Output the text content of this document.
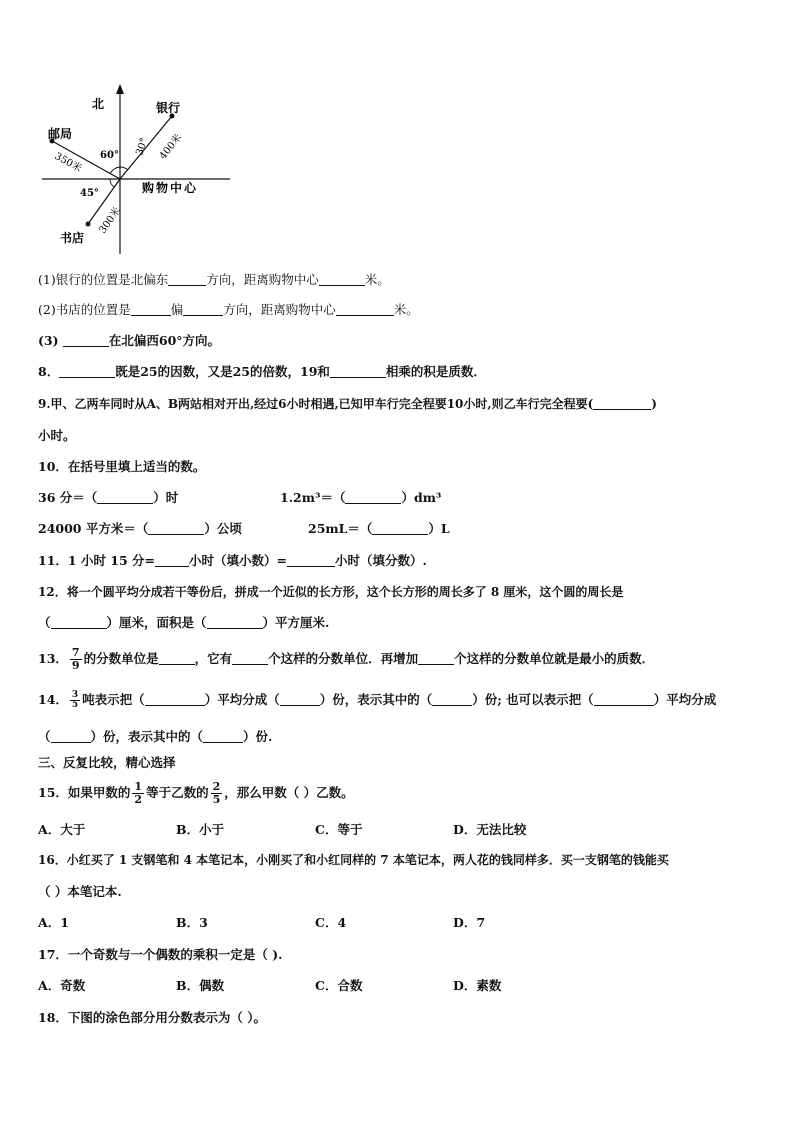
北	银行
邮局
书店
购物中心
30°
60°
45°
400米
350米
300米
(1)银行的位置是北偏东	方向，距离购物中心	米。
(2)书店的位置是	偏	方向，距离购物中心	米。
(3)	在北偏西60°方向。
8．	既是25的因数，又是25的倍数，19和	相乘的积是质数．
9.甲、乙两车同时从A、B两站相对开出,经过6小时相遇,已知甲车行完全程要10小时,则乙车行完全程要(	)
小时。
10．在括号里填上适当的数。
36 分＝（	）时	1.2m³＝（	）dm³
24000 平方米＝（	）公顷	25mL＝（	）L
11．1 小时 15 分=	小时（填小数）=	小时（填分数）.
12．将一个圆平均分成若干等份后，拼成一个近似的长方形，这个长方形的周长多了 8 厘米，这个圆的周长是
（	）厘米，面积是（	）平方厘米.
13． $\frac{7}{9}$ 的分数单位是	，它有	个这样的分数单位．再增加	个这样的分数单位就是最小的质数．
14． $\frac{3}{5}$ 吨表示把（	）平均分成（	）份，表示其中的（	）份; 也可以表示把（	）平均分成
（	）份，表示其中的（	）份.
三、反复比较，精心选择
15．如果甲数的 $\frac{1}{2}$ 等于乙数的 $\frac{2}{5}$ ，那么甲数（ ）乙数。
A．大于	B．小于	C．等于	D．无法比较
16．小红买了 1 支钢笔和 4 本笔记本，小刚买了和小红同样的 7 本笔记本，两人花的钱同样多．买一支钢笔的钱能买
（ ）本笔记本.
A．1	B．3	C．4	D．7
17．一个奇数与一个偶数的乘积一定是（ ).
A．奇数	B．偶数	C．合数	D．素数
18．下图的涂色部分用分数表示为（ ）。
